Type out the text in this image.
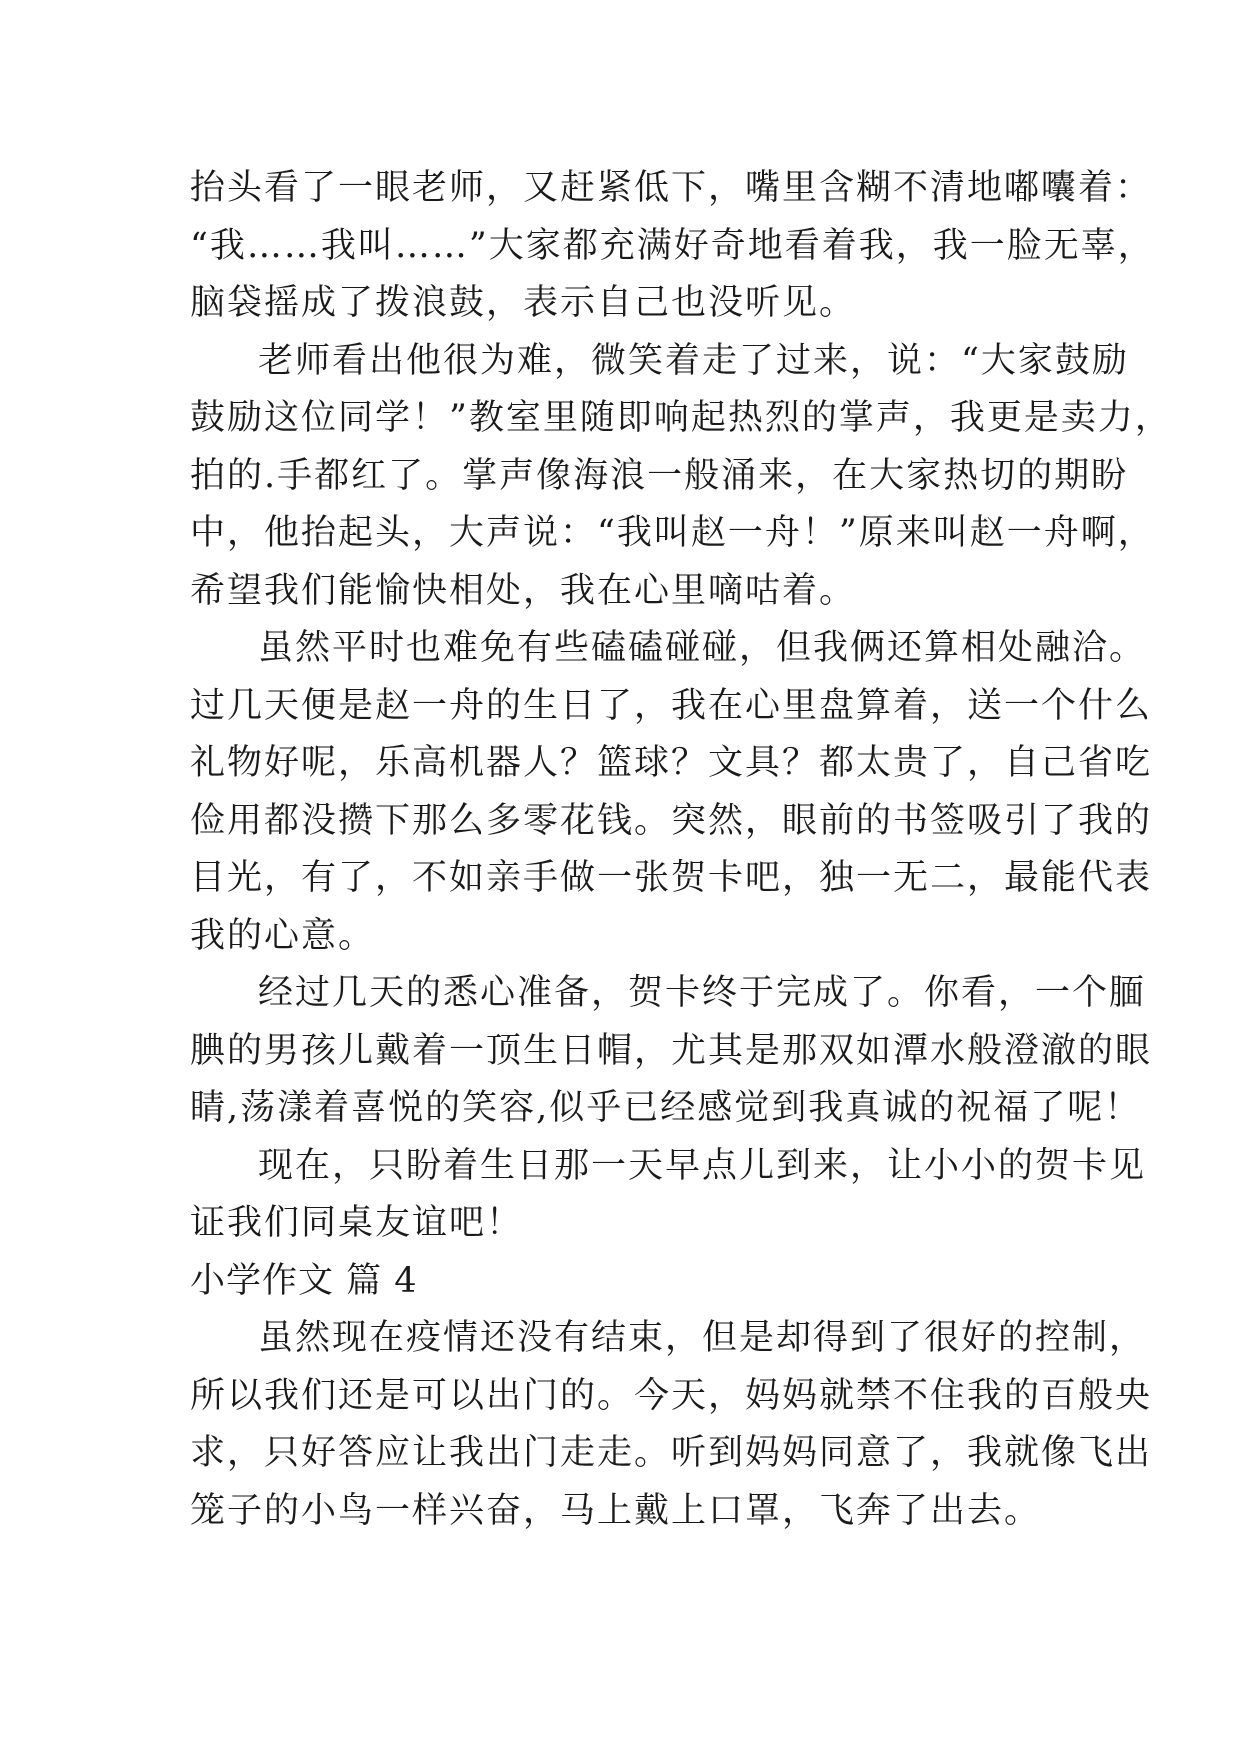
抬头看了一眼老师，又赶紧低下，嘴里含糊不清地嘟囔着：
“我……我叫……”大家都充满好奇地看着我，我一脸无辜，
脑袋摇成了拨浪鼓，表示自己也没听见。
老师看出他很为难，微笑着走了过来，说：“大家鼓励
鼓励这位同学！”教室里随即响起热烈的掌声，我更是卖力，
拍的.手都红了。掌声像海浪一般涌来，在大家热切的期盼
中，他抬起头，大声说：“我叫赵一舟！”原来叫赵一舟啊，
希望我们能愉快相处，我在心里嘀咕着。
虽然平时也难免有些磕磕碰碰，但我俩还算相处融洽。
过几天便是赵一舟的生日了，我在心里盘算着，送一个什么
礼物好呢，乐高机器人？篮球？文具？都太贵了，自己省吃
俭用都没攒下那么多零花钱。突然，眼前的书签吸引了我的
目光，有了，不如亲手做一张贺卡吧，独一无二，最能代表
我的心意。
经过几天的悉心准备，贺卡终于完成了。你看，一个腼
腆的男孩儿戴着一顶生日帽，尤其是那双如潭水般澄澈的眼
睛,荡漾着喜悦的笑容,似乎已经感觉到我真诚的祝福了呢！
现在，只盼着生日那一天早点儿到来，让小小的贺卡见
证我们同桌友谊吧！
小学作文 篇 4
虽然现在疫情还没有结束，但是却得到了很好的控制，
所以我们还是可以出门的。今天，妈妈就禁不住我的百般央
求，只好答应让我出门走走。听到妈妈同意了，我就像飞出
笼子的小鸟一样兴奋，马上戴上口罩，飞奔了出去。
